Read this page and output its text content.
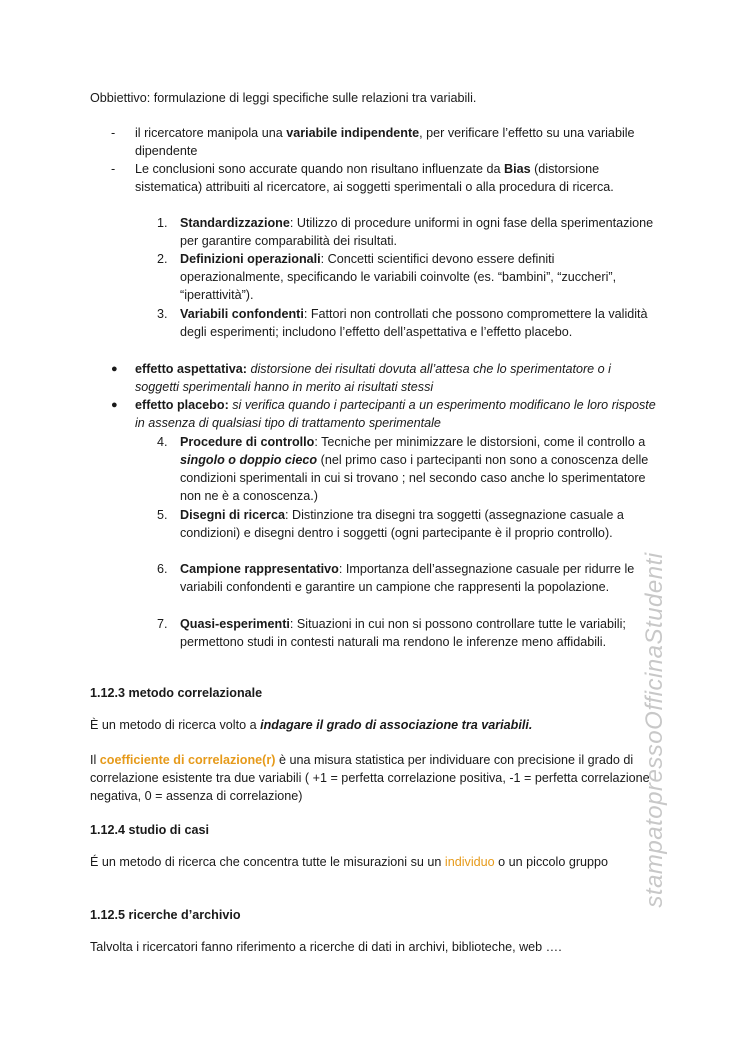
Obbiettivo: formulazione di leggi specifiche sulle relazioni tra variabili.

-	il ricercatore manipola una variabile indipendente, per verificare l’effetto su una variabile dipendente
-	Le conclusioni sono accurate quando non risultano influenzate da Bias (distorsione sistematica) attribuiti al ricercatore, ai soggetti sperimentali o alla procedura di ricerca.
1. Standardizzazione: Utilizzo di procedure uniformi in ogni fase della sperimentazione per garantire comparabilità dei risultati.
2. Definizioni operazionali: Concetti scientifici devono essere definiti operazionalmente, specificando le variabili coinvolte (es. “bambini”, “zuccheri”, “iperattività”).
3. Variabili confondenti: Fattori non controllati che possono compromettere la validità degli esperimenti; includono l’effetto dell’aspettativa e l’effetto placebo.
●	effetto aspettativa: distorsione dei risultati dovuta all’attesa che lo sperimentatore o i soggetti sperimentali hanno in merito ai risultati stessi
●	effetto placebo: si verifica quando i partecipanti a un esperimento modificano le loro risposte in assenza di qualsiasi tipo di trattamento sperimentale
4. Procedure di controllo: Tecniche per minimizzare le distorsioni, come il controllo a singolo o doppio cieco (nel primo caso i partecipanti non sono a conoscenza delle condizioni sperimentali in cui si trovano ; nel secondo caso anche lo sperimentatore non ne è a conoscenza.)
5. Disegni di ricerca: Distinzione tra disegni tra soggetti (assegnazione casuale a condizioni) e disegni dentro i soggetti (ogni partecipante è il proprio controllo).
6. Campione rappresentativo: Importanza dell’assegnazione casuale per ridurre le variabili confondenti e garantire un campione che rappresenti la popolazione.
7. Quasi-esperimenti: Situazioni in cui non si possono controllare tutte le variabili; permettono studi in contesti naturali ma rendono le inferenze meno affidabili.
1.12.3 metodo correlazionale

È un metodo di ricerca volto a indagare il grado di associazione tra variabili.

Il coefficiente di correlazione(r) è una misura statistica per individuare con precisione il grado di correlazione esistente tra due variabili ( +1 = perfetta correlazione positiva, -1 = perfetta correlazione negativa, 0 = assenza di correlazione)

1.12.4 studio di casi

É un metodo di ricerca che concentra tutte le misurazioni su un individuo o un piccolo gruppo

1.12.5 ricerche d’archivio

Talvolta i ricercatori fanno riferimento a ricerche di dati in archivi, biblioteche, web ….

stampatopressoOfficinaStudenti
